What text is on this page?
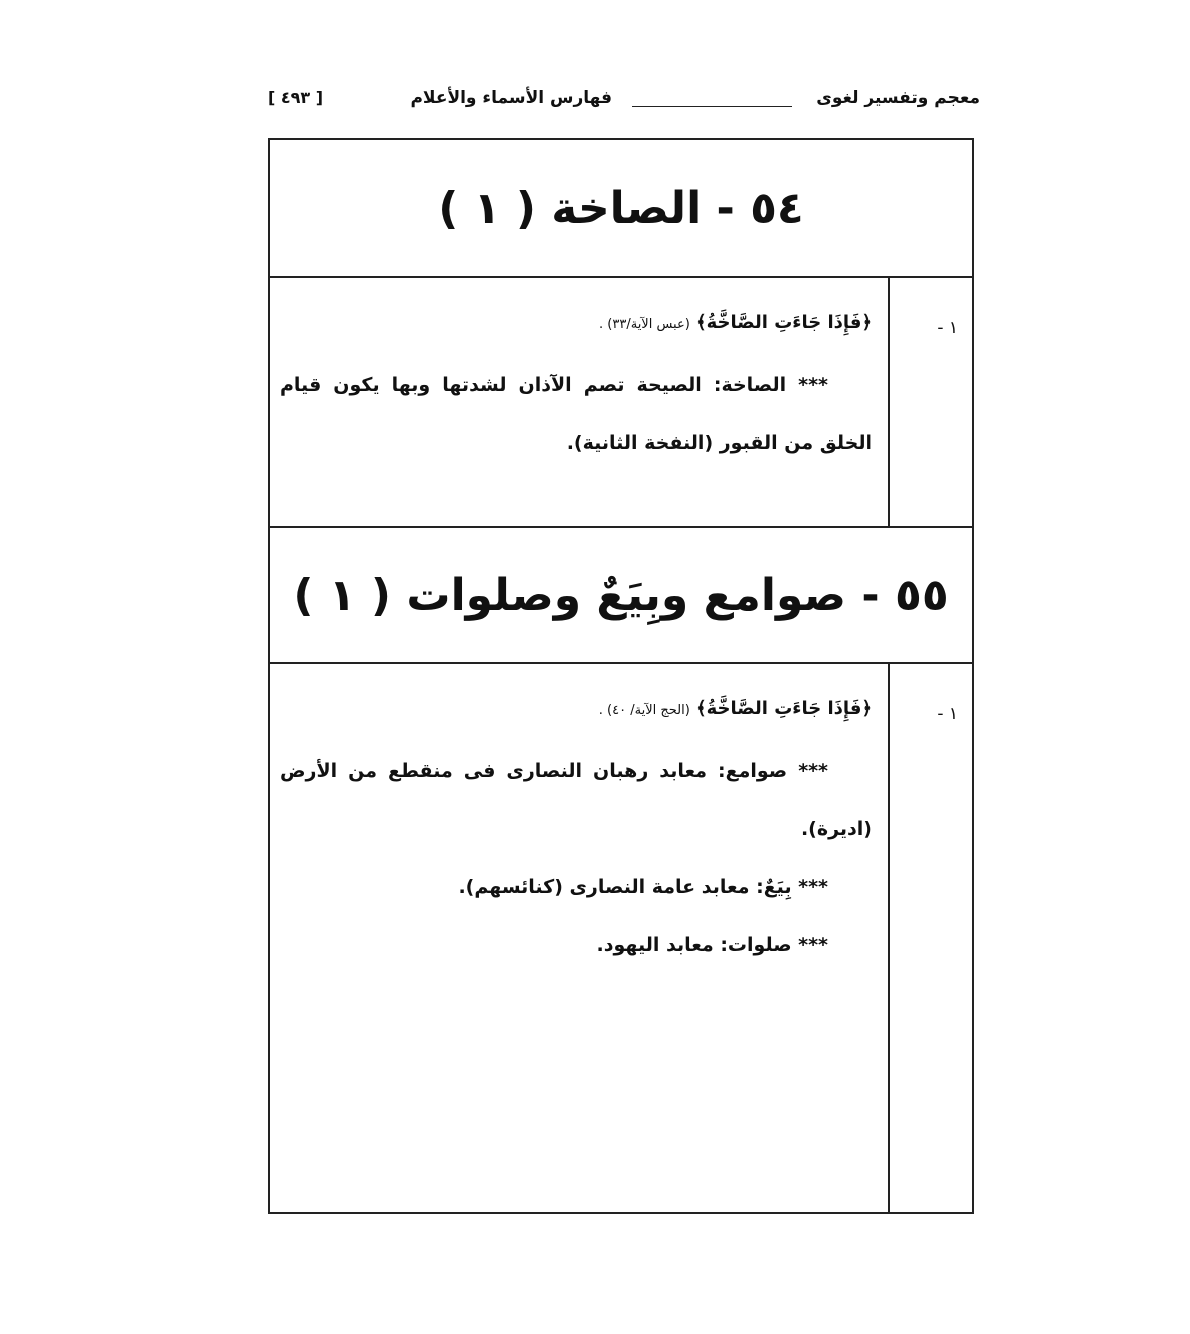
معجم وتفسير لغوى
فهارس الأسماء والأعلام
[ ٤٩٣ ]
٥٤ - الصاخة ( ١ )
١ -
﴿فَإِذَا جَاءَتِ الصَّاخَّةُ﴾ (عبس الآية/٣٣) .
*** الصاخة: الصيحة تصم الآذان لشدتها وبها يكون قيام الخلق من القبور (النفخة الثانية).
٥٥ - صوامع وبِيَعٌ وصلوات ( ١ )
١ -
﴿فَإِذَا جَاءَتِ الصَّاخَّةُ﴾ (الحج الآية/ ٤٠) .
*** صوامع: معابد رهبان النصارى فى منقطع من الأرض (اديرة).
*** بِيَعٌ: معابد عامة النصارى (كنائسهم).
*** صلوات: معابد اليهود.
